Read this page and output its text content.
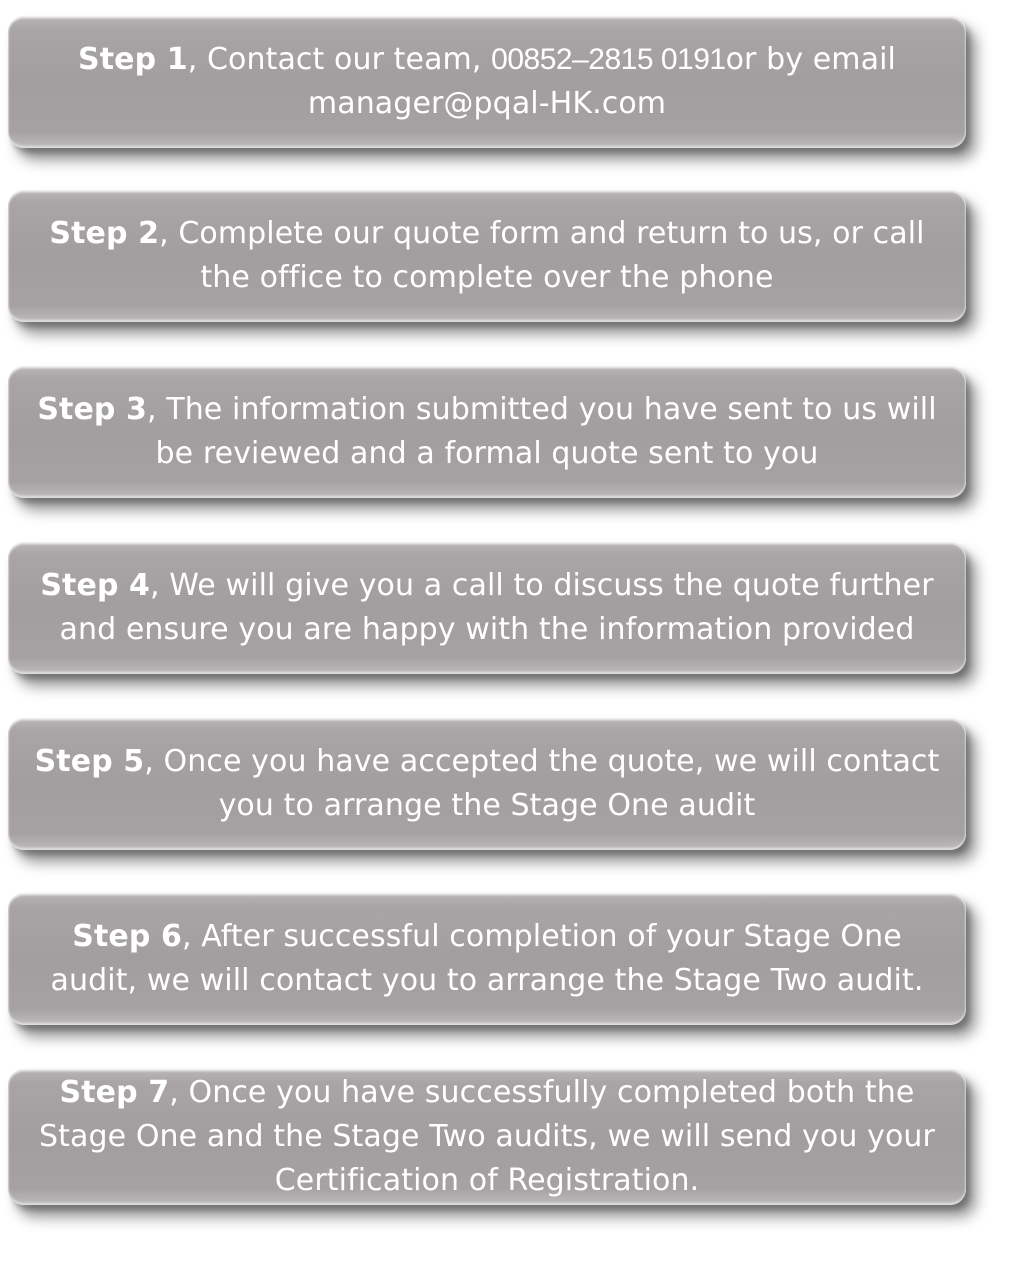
Step 1, Contact our team, 00852–2815 0191or by email
manager@pqal-HK.com
Step 2, Complete our quote form and return to us, or call the office to complete over the phone
Step 3, The information submitted you have sent to us will be reviewed and a formal quote sent to you
Step 4, We will give you a call to discuss the quote further and ensure you are happy with the information provided
Step 5, Once you have accepted the quote, we will contact you to arrange the Stage One audit
Step 6, After successful completion of your Stage One audit, we will contact you to arrange the Stage Two audit.
Step 7, Once you have successfully completed both the Stage One and the Stage Two audits, we will send you your Certification of Registration.
